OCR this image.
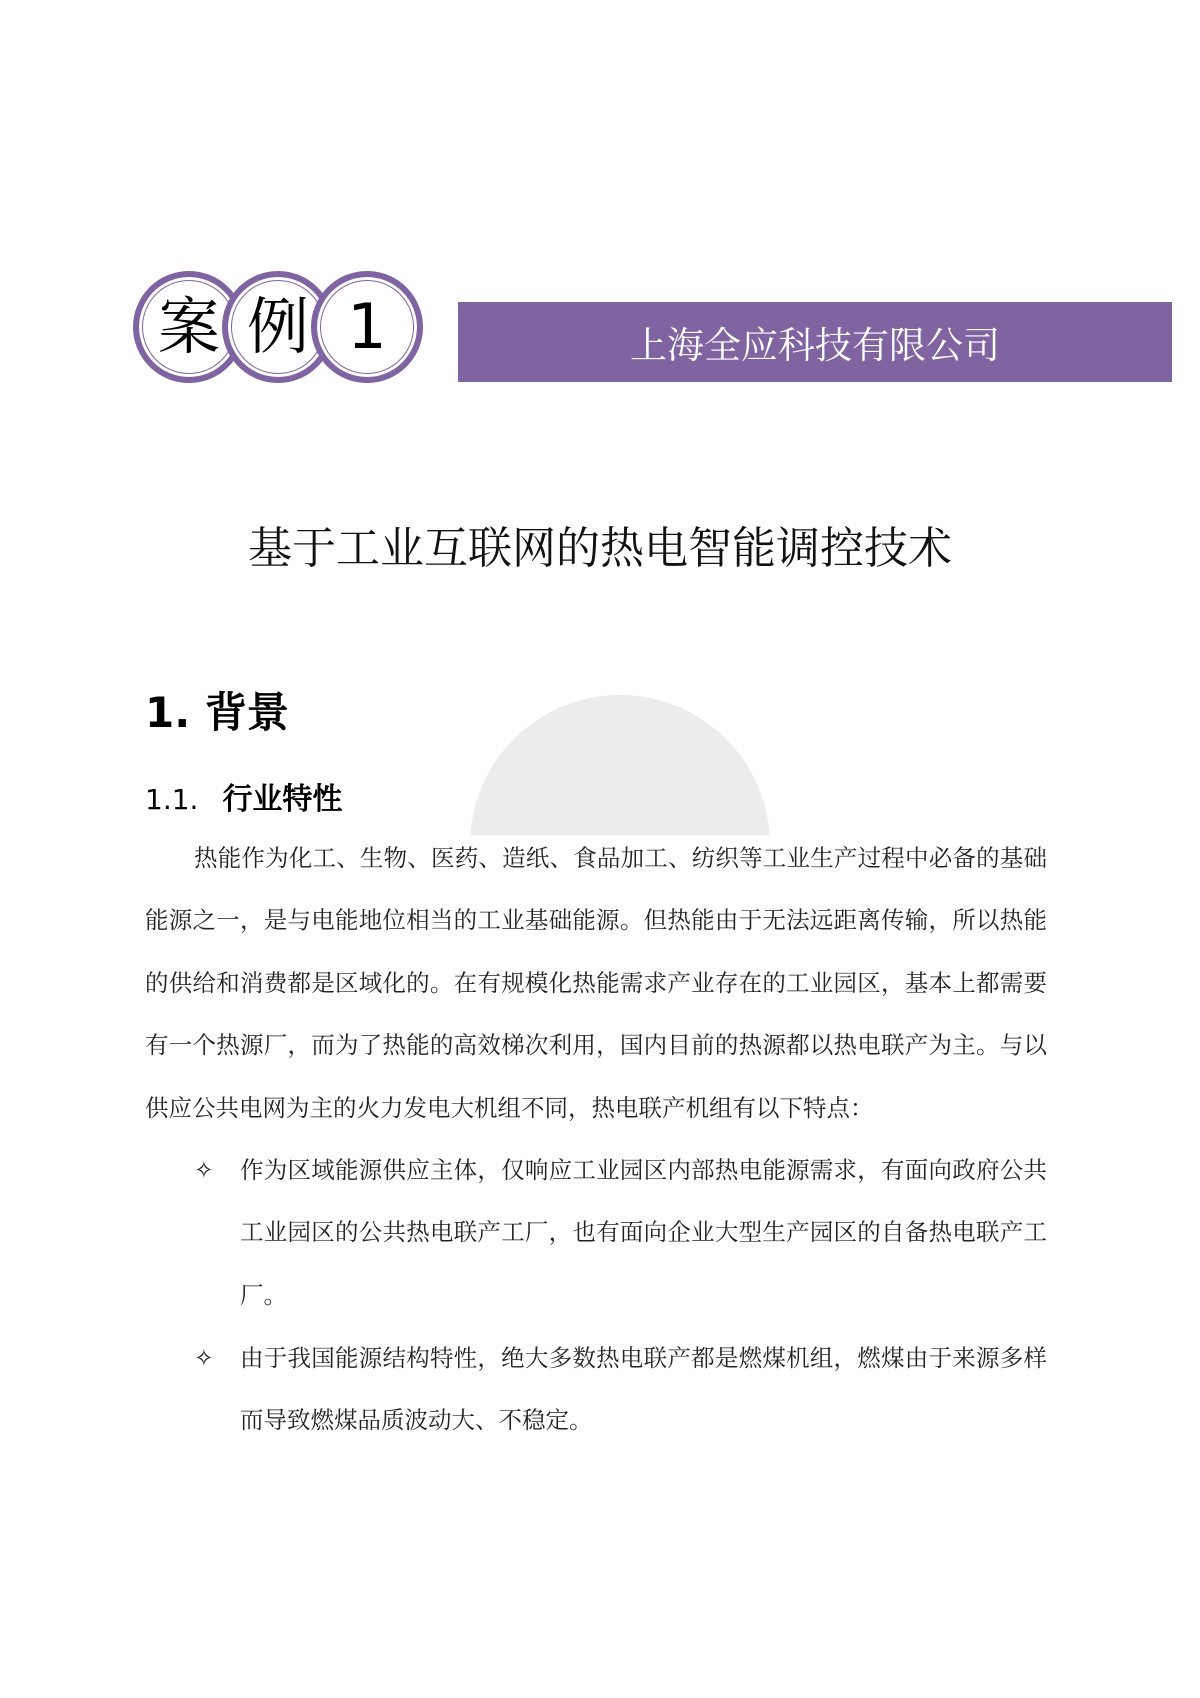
案 例 1	上海全应科技有限公司
基于工业互联网的热电智能调控技术
1. 背景
1.1. 行业特性
热能作为化工、生物、医药、造纸、食品加工、纺织等工业生产过程中必备的基础能源之一，是与电能地位相当的工业基础能源。但热能由于无法远距离传输，所以热能的供给和消费都是区域化的。在有规模化热能需求产业存在的工业园区，基本上都需要有一个热源厂，而为了热能的高效梯次利用，国内目前的热源都以热电联产为主。与以供应公共电网为主的火力发电大机组不同，热电联产机组有以下特点：
✧ 作为区域能源供应主体，仅响应工业园区内部热电能源需求，有面向政府公共工业园区的公共热电联产工厂，也有面向企业大型生产园区的自备热电联产工厂。
✧ 由于我国能源结构特性，绝大多数热电联产都是燃煤机组，燃煤由于来源多样而导致燃煤品质波动大、不稳定。
